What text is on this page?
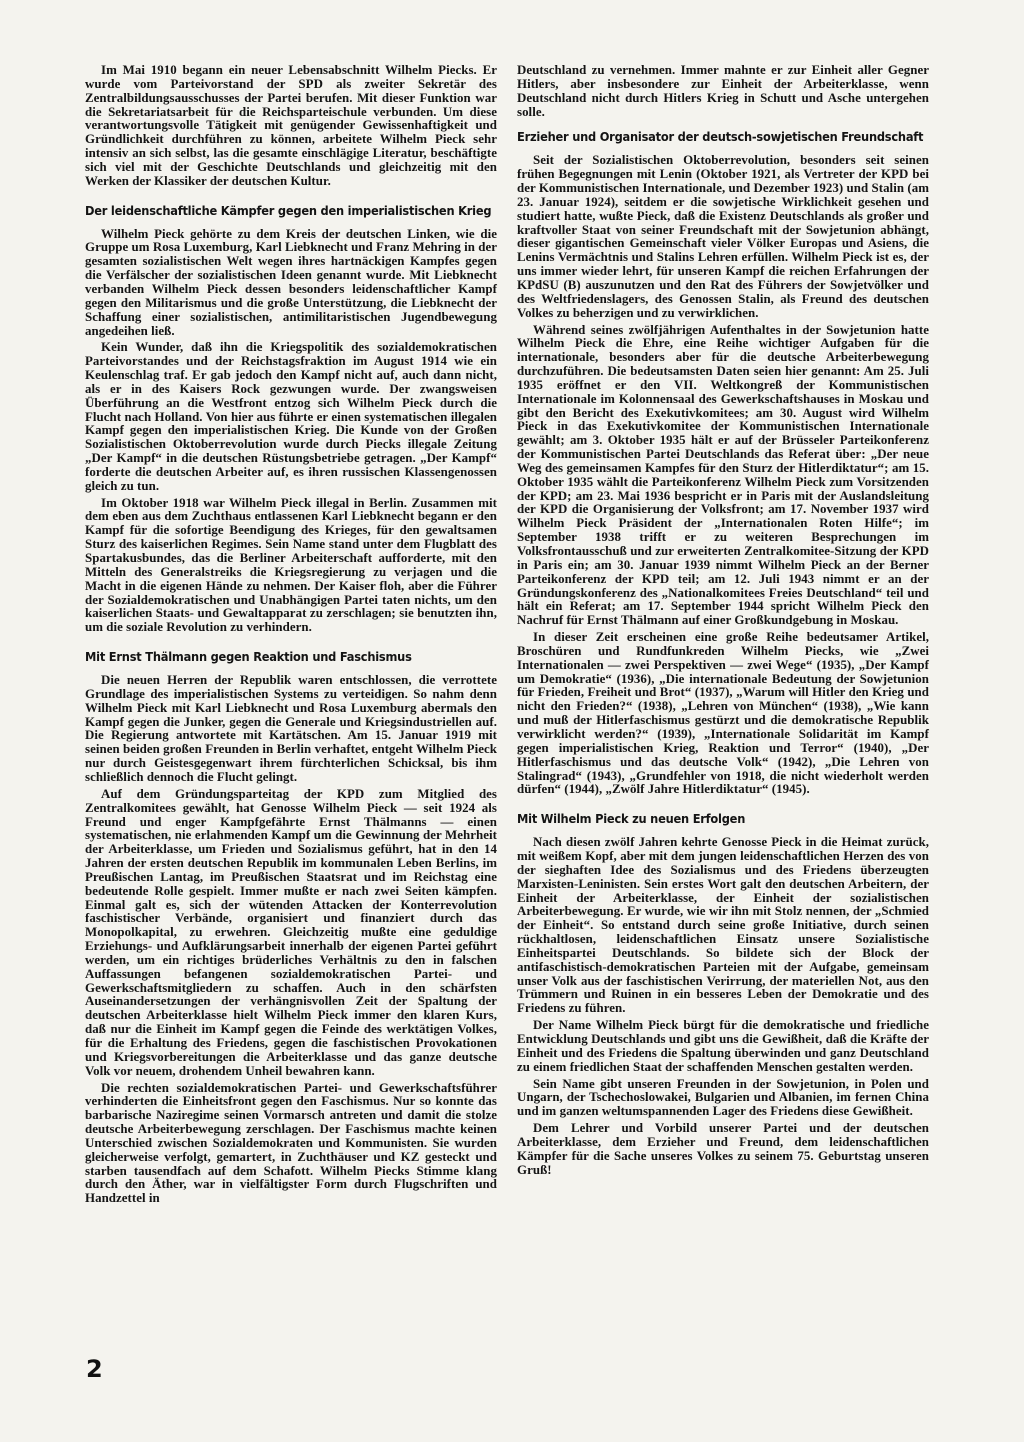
Im Mai 1910 begann ein neuer Lebensabschnitt Wilhelm Piecks. Er wurde vom Parteivorstand der SPD als zweiter Sekretär des Zentralbildungsausschusses der Partei berufen. Mit dieser Funktion war die Sekretariatsarbeit für die Reichsparteischule verbunden. Um diese verantwortungsvolle Tätigkeit mit genügender Gewissenhaftigkeit und Gründlichkeit durchführen zu können, arbeitete Wilhelm Pieck sehr intensiv an sich selbst, las die gesamte einschlägige Literatur, beschäftigte sich viel mit der Geschichte Deutschlands und gleichzeitig mit den Werken der Klassiker der deutschen Kultur.

Der leidenschaftliche Kämpfer gegen den imperialistischen Krieg

Wilhelm Pieck gehörte zu dem Kreis der deutschen Linken, wie die Gruppe um Rosa Luxemburg, Karl Liebknecht und Franz Mehring in der gesamten sozialistischen Welt wegen ihres hartnäckigen Kampfes gegen die Verfälscher der sozialistischen Ideen genannt wurde. Mit Liebknecht verbanden Wilhelm Pieck dessen besonders leidenschaftlicher Kampf gegen den Militarismus und die große Unterstützung, die Liebknecht der Schaffung einer sozialistischen, antimilitaristischen Jugendbewegung angedeihen ließ.

Kein Wunder, daß ihn die Kriegspolitik des sozialdemokratischen Parteivorstandes und der Reichstagsfraktion im August 1914 wie ein Keulenschlag traf. Er gab jedoch den Kampf nicht auf, auch dann nicht, als er in des Kaisers Rock gezwungen wurde. Der zwangsweisen Überführung an die Westfront entzog sich Wilhelm Pieck durch die Flucht nach Holland. Von hier aus führte er einen systematischen illegalen Kampf gegen den imperialistischen Krieg. Die Kunde von der Großen Sozialistischen Oktoberrevolution wurde durch Piecks illegale Zeitung „Der Kampf“ in die deutschen Rüstungsbetriebe getragen. „Der Kampf“ forderte die deutschen Arbeiter auf, es ihren russischen Klassengenossen gleich zu tun.

Im Oktober 1918 war Wilhelm Pieck illegal in Berlin. Zusammen mit dem eben aus dem Zuchthaus entlassenen Karl Liebknecht begann er den Kampf für die sofortige Beendigung des Krieges, für den gewaltsamen Sturz des kaiserlichen Regimes. Sein Name stand unter dem Flugblatt des Spartakusbundes, das die Berliner Arbeiterschaft aufforderte, mit den Mitteln des Generalstreiks die Kriegsregierung zu verjagen und die Macht in die eigenen Hände zu nehmen. Der Kaiser floh, aber die Führer der Sozialdemokratischen und Unabhängigen Partei taten nichts, um den kaiserlichen Staats- und Gewaltapparat zu zerschlagen; sie benutzten ihn, um die soziale Revolution zu verhindern.

Mit Ernst Thälmann gegen Reaktion und Faschismus

Die neuen Herren der Republik waren entschlossen, die verrottete Grundlage des imperialistischen Systems zu verteidigen. So nahm denn Wilhelm Pieck mit Karl Liebknecht und Rosa Luxemburg abermals den Kampf gegen die Junker, gegen die Generale und Kriegsindustriellen auf. Die Regierung antwortete mit Kartätschen. Am 15. Januar 1919 mit seinen beiden großen Freunden in Berlin verhaftet, entgeht Wilhelm Pieck nur durch Geistesgegenwart ihrem fürchterlichen Schicksal, bis ihm schließlich dennoch die Flucht gelingt.

Auf dem Gründungsparteitag der KPD zum Mitglied des Zentralkomitees gewählt, hat Genosse Wilhelm Pieck — seit 1924 als Freund und enger Kampfgefährte Ernst Thälmanns — einen systematischen, nie erlahmenden Kampf um die Gewinnung der Mehrheit der Arbeiterklasse, um Frieden und Sozialismus geführt, hat in den 14 Jahren der ersten deutschen Republik im kommunalen Leben Berlins, im Preußischen Lantag, im Preußischen Staatsrat und im Reichstag eine bedeutende Rolle gespielt. Immer mußte er nach zwei Seiten kämpfen. Einmal galt es, sich der wütenden Attacken der Konterrevolution faschistischer Verbände, organisiert und finanziert durch das Monopolkapital, zu erwehren. Gleichzeitig mußte eine geduldige Erziehungs- und Aufklärungsarbeit innerhalb der eigenen Partei geführt werden, um ein richtiges brüderliches Verhältnis zu den in falschen Auffassungen befangenen sozialdemokratischen Partei- und Gewerkschaftsmitgliedern zu schaffen. Auch in den schärfsten Auseinandersetzungen der verhängnisvollen Zeit der Spaltung der deutschen Arbeiterklasse hielt Wilhelm Pieck immer den klaren Kurs, daß nur die Einheit im Kampf gegen die Feinde des werktätigen Volkes, für die Erhaltung des Friedens, gegen die faschistischen Provokationen und Kriegsvorbereitungen die Arbeiterklasse und das ganze deutsche Volk vor neuem, drohendem Unheil bewahren kann.

Die rechten sozialdemokratischen Partei- und Gewerkschaftsführer verhinderten die Einheitsfront gegen den Faschismus. Nur so konnte das barbarische Naziregime seinen Vormarsch antreten und damit die stolze deutsche Arbeiterbewegung zerschlagen. Der Faschismus machte keinen Unterschied zwischen Sozialdemokraten und Kommunisten. Sie wurden gleicherweise verfolgt, gemartert, in Zuchthäuser und KZ gesteckt und starben tausendfach auf dem Schafott. Wilhelm Piecks Stimme klang durch den Äther, war in vielfältigster Form durch Flugschriften und Handzettel in

Deutschland zu vernehmen. Immer mahnte er zur Einheit aller Gegner Hitlers, aber insbesondere zur Einheit der Arbeiterklasse, wenn Deutschland nicht durch Hitlers Krieg in Schutt und Asche untergehen solle.

Erzieher und Organisator der deutsch-sowjetischen Freundschaft

Seit der Sozialistischen Oktoberrevolution, besonders seit seinen frühen Begegnungen mit Lenin (Oktober 1921, als Vertreter der KPD bei der Kommunistischen Internationale, und Dezember 1923) und Stalin (am 23. Januar 1924), seitdem er die sowjetische Wirklichkeit gesehen und studiert hatte, wußte Pieck, daß die Existenz Deutschlands als großer und kraftvoller Staat von seiner Freundschaft mit der Sowjetunion abhängt, dieser gigantischen Gemeinschaft vieler Völker Europas und Asiens, die Lenins Vermächtnis und Stalins Lehren erfüllen. Wilhelm Pieck ist es, der uns immer wieder lehrt, für unseren Kampf die reichen Erfahrungen der KPdSU (B) auszunutzen und den Rat des Führers der Sowjetvölker und des Weltfriedenslagers, des Genossen Stalin, als Freund des deutschen Volkes zu beherzigen und zu verwirklichen.

Während seines zwölfjährigen Aufenthaltes in der Sowjetunion hatte Wilhelm Pieck die Ehre, eine Reihe wichtiger Aufgaben für die internationale, besonders aber für die deutsche Arbeiterbewegung durchzuführen. Die bedeutsamsten Daten seien hier genannt: Am 25. Juli 1935 eröffnet er den VII. Weltkongreß der Kommunistischen Internationale im Kolonnensaal des Gewerkschaftshauses in Moskau und gibt den Bericht des Exekutivkomitees; am 30. August wird Wilhelm Pieck in das Exekutivkomitee der Kommunistischen Internationale gewählt; am 3. Oktober 1935 hält er auf der Brüsseler Parteikonferenz der Kommunistischen Partei Deutschlands das Referat über: „Der neue Weg des gemeinsamen Kampfes für den Sturz der Hitlerdiktatur“; am 15. Oktober 1935 wählt die Parteikonferenz Wilhelm Pieck zum Vorsitzenden der KPD; am 23. Mai 1936 bespricht er in Paris mit der Auslandsleitung der KPD die Organisierung der Volksfront; am 17. November 1937 wird Wilhelm Pieck Präsident der „Internationalen Roten Hilfe“; im September 1938 trifft er zu weiteren Besprechungen im Volksfrontausschuß und zur erweiterten Zentralkomitee-Sitzung der KPD in Paris ein; am 30. Januar 1939 nimmt Wilhelm Pieck an der Berner Parteikonferenz der KPD teil; am 12. Juli 1943 nimmt er an der Gründungskonferenz des „Nationalkomitees Freies Deutschland“ teil und hält ein Referat; am 17. September 1944 spricht Wilhelm Pieck den Nachruf für Ernst Thälmann auf einer Großkundgebung in Moskau.

In dieser Zeit erscheinen eine große Reihe bedeutsamer Artikel, Broschüren und Rundfunkreden Wilhelm Piecks, wie „Zwei Internationalen — zwei Perspektiven — zwei Wege“ (1935), „Der Kampf um Demokratie“ (1936), „Die internationale Bedeutung der Sowjetunion für Frieden, Freiheit und Brot“ (1937), „Warum will Hitler den Krieg und nicht den Frieden?“ (1938), „Lehren von München“ (1938), „Wie kann und muß der Hitlerfaschismus gestürzt und die demokratische Republik verwirklicht werden?“ (1939), „Internationale Solidarität im Kampf gegen imperialistischen Krieg, Reaktion und Terror“ (1940), „Der Hitlerfaschismus und das deutsche Volk“ (1942), „Die Lehren von Stalingrad“ (1943), „Grundfehler von 1918, die nicht wiederholt werden dürfen“ (1944), „Zwölf Jahre Hitlerdiktatur“ (1945).

Mit Wilhelm Pieck zu neuen Erfolgen

Nach diesen zwölf Jahren kehrte Genosse Pieck in die Heimat zurück, mit weißem Kopf, aber mit dem jungen leidenschaftlichen Herzen des von der sieghaften Idee des Sozialismus und des Friedens überzeugten Marxisten-Leninisten. Sein erstes Wort galt den deutschen Arbeitern, der Einheit der Arbeiterklasse, der Einheit der sozialistischen Arbeiterbewegung. Er wurde, wie wir ihn mit Stolz nennen, der „Schmied der Einheit“. So entstand durch seine große Initiative, durch seinen rückhaltlosen, leidenschaftlichen Einsatz unsere Sozialistische Einheitspartei Deutschlands. So bildete sich der Block der antifaschistisch-demokratischen Parteien mit der Aufgabe, gemeinsam unser Volk aus der faschistischen Verirrung, der materiellen Not, aus den Trümmern und Ruinen in ein besseres Leben der Demokratie und des Friedens zu führen.

Der Name Wilhelm Pieck bürgt für die demokratische und friedliche Entwicklung Deutschlands und gibt uns die Gewißheit, daß die Kräfte der Einheit und des Friedens die Spaltung überwinden und ganz Deutschland zu einem friedlichen Staat der schaffenden Menschen gestalten werden.

Sein Name gibt unseren Freunden in der Sowjetunion, in Polen und Ungarn, der Tschechoslowakei, Bulgarien und Albanien, im fernen China und im ganzen weltumspannenden Lager des Friedens diese Gewißheit.

Dem Lehrer und Vorbild unserer Partei und der deutschen Arbeiterklasse, dem Erzieher und Freund, dem leidenschaftlichen Kämpfer für die Sache unseres Volkes zu seinem 75. Geburtstag unseren Gruß!

2
